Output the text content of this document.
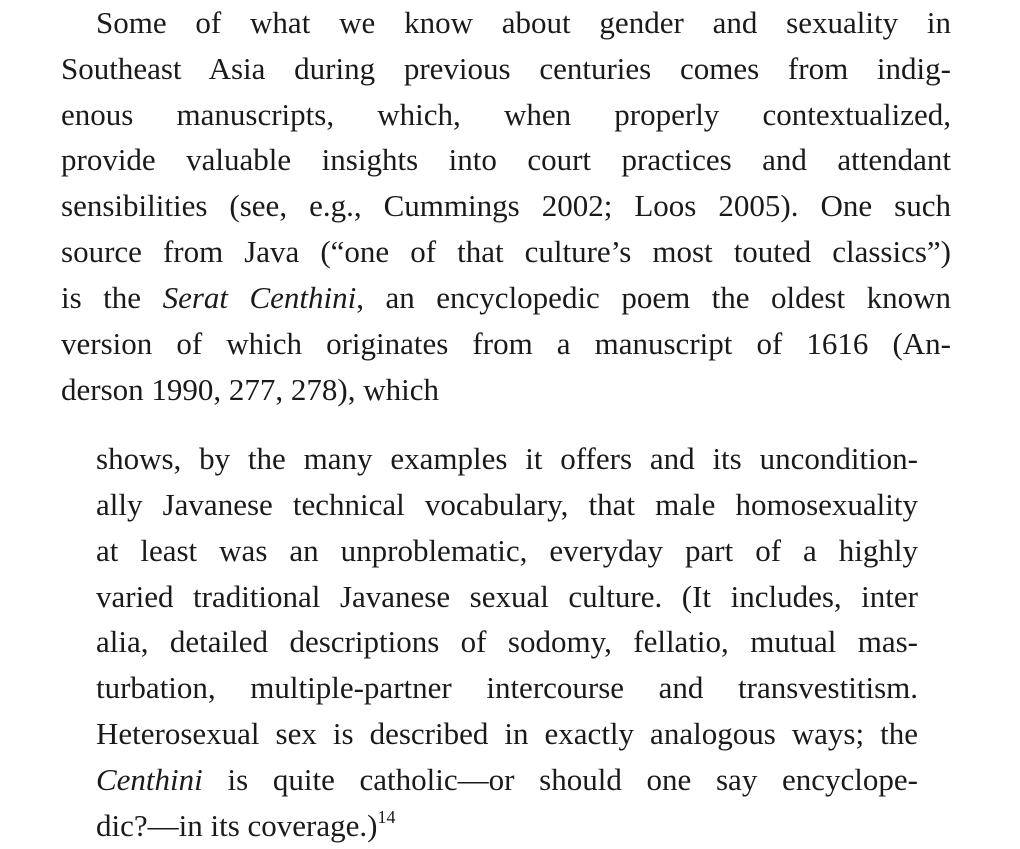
Some of what we know about gender and sexuality in
Southeast Asia during previous centuries comes from indig-
enous manuscripts, which, when properly contextualized,
provide valuable insights into court practices and attendant
sensibilities (see, e.g., Cummings 2002; Loos 2005). One such
source from Java (“one of that culture’s most touted classics”)
is the Serat Centhini, an encyclopedic poem the oldest known
version of which originates from a manuscript of 1616 (An-
derson 1990, 277, 278), which
shows, by the many examples it offers and its uncondition-
ally Javanese technical vocabulary, that male homosexuality
at least was an unproblematic, everyday part of a highly
varied traditional Javanese sexual culture. (It includes, inter
alia, detailed descriptions of sodomy, fellatio, mutual mas-
turbation, multiple-partner intercourse and transvestitism.
Heterosexual sex is described in exactly analogous ways; the
Centhini is quite catholic—or should one say encyclope-
dic?—in its coverage.)$^{14}$
